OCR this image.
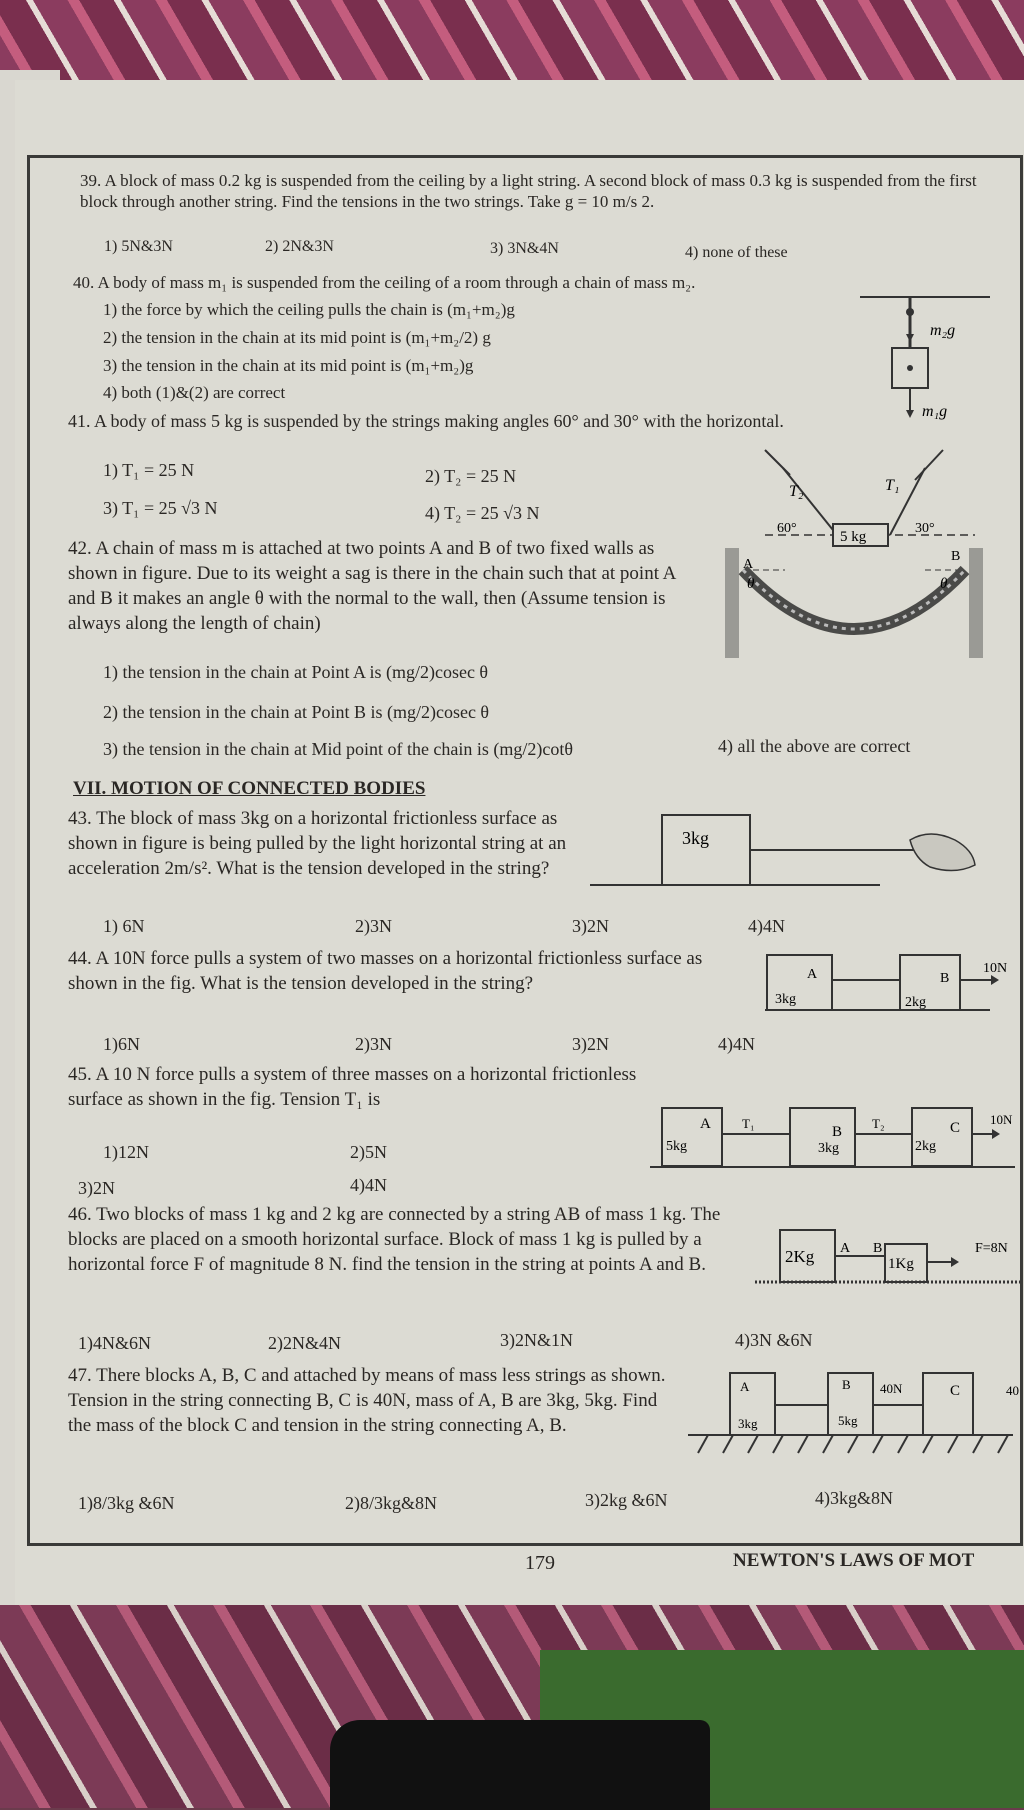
39. A block of mass 0.2 kg is suspended from the ceiling by a light string. A second block of mass 0.3 kg is suspended from the first block through another string. Find the tensions in the two strings. Take g = 10 m/s 2.
1) 5N&3N	2) 2N&3N	3) 3N&4N	4) none of these
40. A body of mass m₁ is suspended from the ceiling of a room through a chain of mass m₂.
1) the force by which the ceiling pulls the chain is (m₁+m₂)g
2) the tension in the chain at its mid point is (m₁+m₂/2) g
3) the tension in the chain at its mid point is (m₁+m₂)g
4) both (1)&(2) are correct
m₂g
m₁g
41. A body of mass 5 kg is suspended by the strings making angles 60° and 30° with the horizontal.
1) T₁ = 25 N	2) T₂ = 25 N
3) T₁ = 25 √3 N	4) T₂ = 25 √3 N
T₂	T₁
60°	30°
5 kg
42. A chain of mass m is attached at two points A and B of two fixed walls as shown in figure. Due to its weight a sag is there in the chain such that at point A and B it makes an angle θ with the normal to the wall, then (Assume tension is always along the length of chain)
1) the tension in the chain at Point A is (mg/2)cosec θ
2) the tension in the chain at Point B is (mg/2)cosec θ
3) the tension in the chain at Mid point of the chain is (mg/2)cotθ	4) all the above are correct
A
B
θ	θ
VII. MOTION OF CONNECTED BODIES
43. The block of mass 3kg on a horizontal frictionless surface as shown in figure is being pulled by the light horizontal string at an acceleration 2m/s². What is the tension developed in the string?
1) 6N	2)3N	3)2N	4)4N
3kg
44. A 10N force pulls a system of two masses on a horizontal frictionless surface as shown in the fig. What is the tension developed in the string?
1)6N	2)3N	3)2N	4)4N
A
3kg
B
2kg
10N
45. A 10 N force pulls a system of three masses on a horizontal frictionless surface as shown in the fig. Tension T₁ is
1)12N	2)5N
3)2N	4)4N
A
5kg
T₁
B
3kg
T₂	C
2kg
10N
46. Two blocks of mass 1 kg and 2 kg are connected by a string AB of mass 1 kg. The blocks are placed on a smooth horizontal surface. Block of mass 1 kg is pulled by a horizontal force F of magnitude 8 N. find the tension in the string at points A and B.
1)4N&6N	2)2N&4N	3)2N&1N	4)3N &6N
2Kg A B
1Kg
F=8N
47. There blocks A, B, C and attached by means of mass less strings as shown. Tension in the string connecting B, C is 40N, mass of A, B are 3kg, 5kg. Find the mass of the block C and tension in the string connecting A, B.
1)8/3kg &6N	2)8/3kg&8N	3)2kg &6N	4)3kg&8N
A
3kg
B
5kg
40N	C	40
179	NEWTON'S LAWS OF MOT
